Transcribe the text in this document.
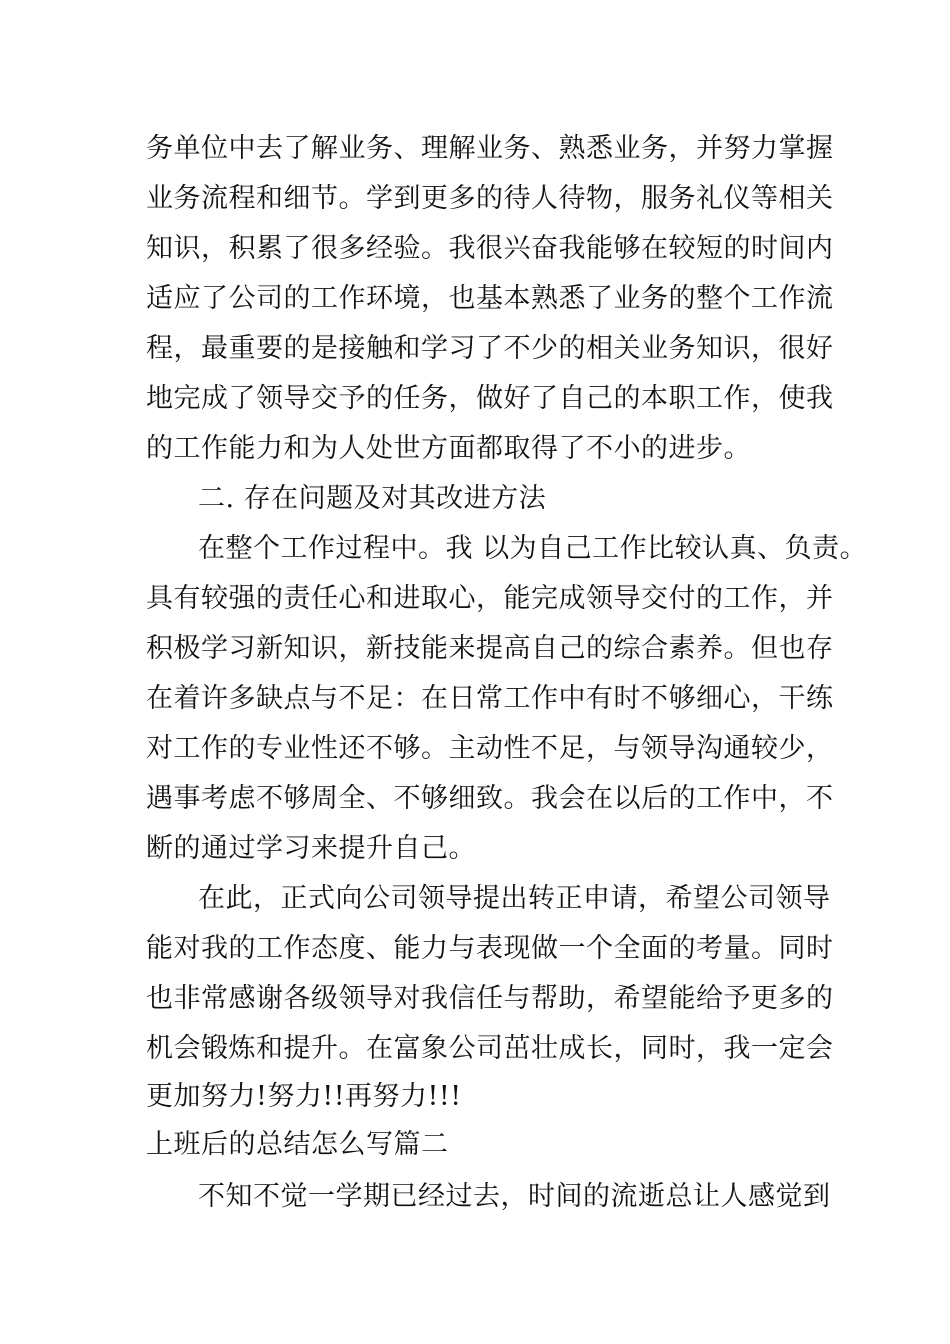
务单位中去了解业务、理解业务、熟悉业务，并努力掌握
业务流程和细节。学到更多的待人待物，服务礼仪等相关
知识，积累了很多经验。我很兴奋我能够在较短的时间内
适应了公司的工作环境，也基本熟悉了业务的整个工作流
程，最重要的是接触和学习了不少的相关业务知识，很好
地完成了领导交予的任务，做好了自己的本职工作，使我
的工作能力和为人处世方面都取得了不小的进步。
二. 存在问题及对其改进方法
在整个工作过程中。我 以为自己工作比较认真、负责。
具有较强的责任心和进取心，能完成领导交付的工作，并
积极学习新知识，新技能来提高自己的综合素养。但也存
在着许多缺点与不足：在日常工作中有时不够细心，干练
对工作的专业性还不够。主动性不足，与领导沟通较少，
遇事考虑不够周全、不够细致。我会在以后的工作中，不
断的通过学习来提升自己。
在此，正式向公司领导提出转正申请，希望公司领导
能对我的工作态度、能力与表现做一个全面的考量。同时
也非常感谢各级领导对我信任与帮助，希望能给予更多的
机会锻炼和提升。在富象公司茁壮成长，同时，我一定会
更加努力!努力!!再努力!!!
上班后的总结怎么写篇二
不知不觉一学期已经过去，时间的流逝总让人感觉到
